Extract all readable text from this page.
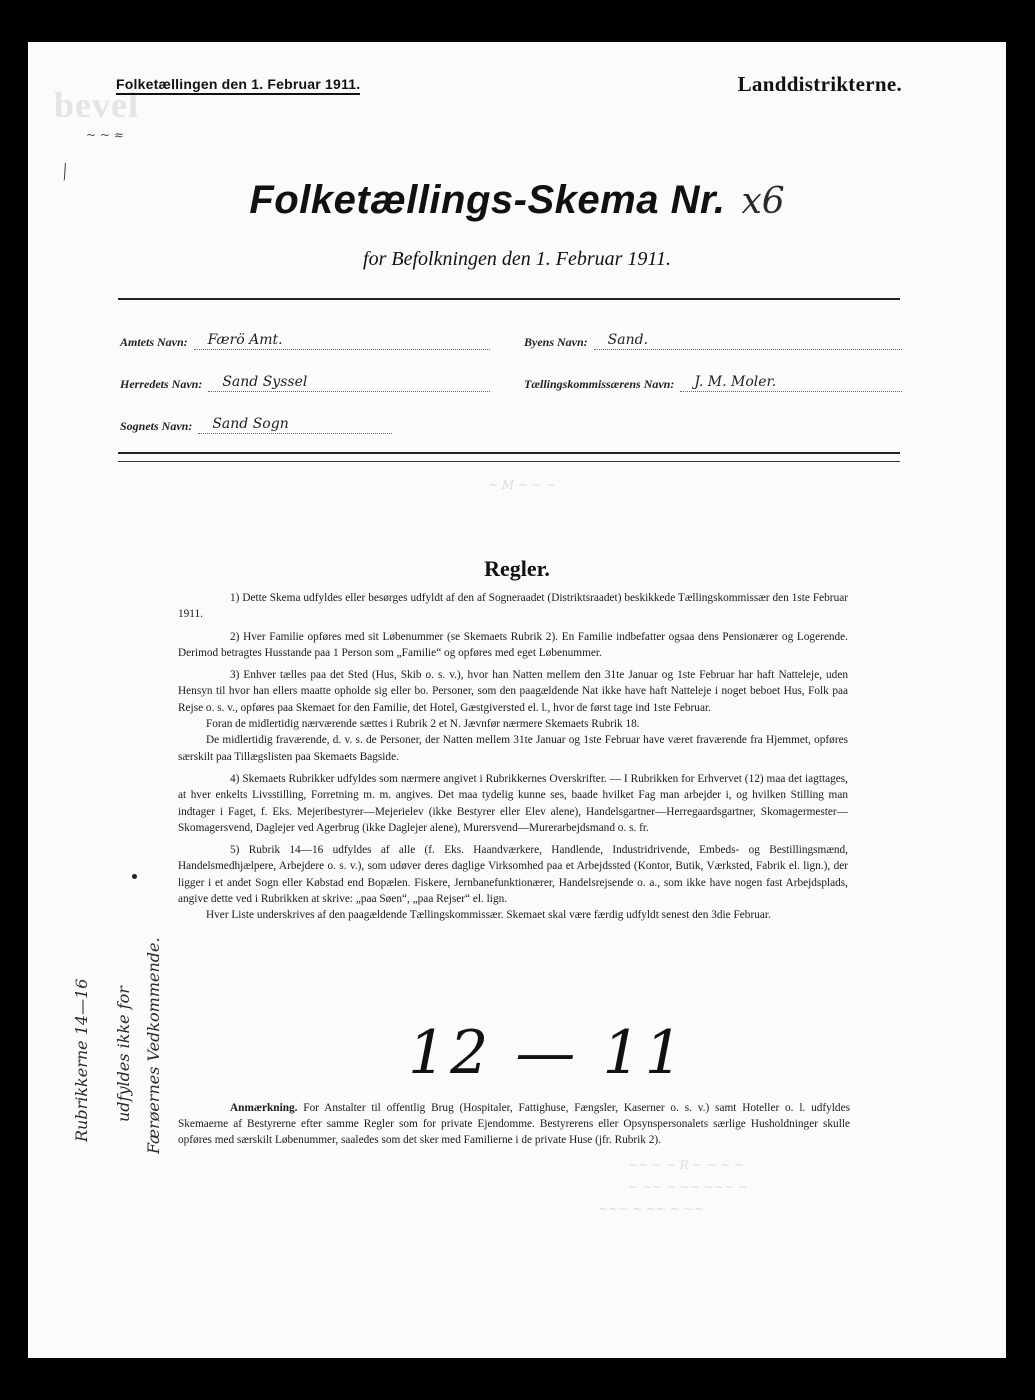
bevel
~ ~ ≈
⁄
Folketællingen den 1. Februar 1911.	Landdistrikterne.
Folketællings-Skema Nr. x6
for Befolkningen den 1. Februar 1911.
Amtets Navn:	Færö Amt.	Byens Navn:	Sand.
Herredets Navn:	Sand Syssel	Tællingskommissærens Navn:	J. M. Moler.
Sognets Navn:	Sand Sogn
~ M ~ ~ ~
Regler.

1) Dette Skema udfyldes eller besørges udfyldt af den af Sogneraadet (Distriktsraadet) beskikkede Tællingskommissær den 1ste Februar 1911.

2) Hver Familie opføres med sit Løbenummer (se Skemaets Rubrik 2). En Familie indbefatter ogsaa dens Pensionærer og Logerende. Derimod betragtes Husstande paa 1 Person som „Familie“ og opføres med eget Løbenummer.

3) Enhver tælles paa det Sted (Hus, Skib o. s. v.), hvor han Natten mellem den 31te Januar og 1ste Februar har haft Natteleje, uden Hensyn til hvor han ellers maatte opholde sig eller bo. Personer, som den paagældende Nat ikke have haft Natteleje i noget beboet Hus, Folk paa Rejse o. s. v., opføres paa Skemaet for den Familie, det Hotel, Gæstgiversted el. l., hvor de først tage ind 1ste Februar.

Foran de midlertidig nærværende sættes i Rubrik 2 et N. Jævnfør nærmere Skemaets Rubrik 18.

De midlertidig fraværende, d. v. s. de Personer, der Natten mellem 31te Januar og 1ste Februar have været fraværende fra Hjemmet, opføres særskilt paa Tillægslisten paa Skemaets Bagside.

4) Skemaets Rubrikker udfyldes som nærmere angivet i Rubrikkernes Overskrifter. — I Rubrikken for Erhvervet (12) maa det iagttages, at hver enkelts Livsstilling, Forretning m. m. angives. Det maa tydelig kunne ses, baade hvilket Fag man arbejder i, og hvilken Stilling man indtager i Faget, f. Eks. Mejeribestyrer—Mejerielev (ikke Bestyrer eller Elev alene), Handelsgartner—Herregaardsgartner, Skomagermester—Skomagersvend, Daglejer ved Agerbrug (ikke Daglejer alene), Murersvend—Murerarbejdsmand o. s. fr.

5) Rubrik 14—16 udfyldes af alle (f. Eks. Haandværkere, Handlende, Industridrivende, Embeds- og Bestillingsmænd, Handelsmedhjælpere, Arbejdere o. s. v.), som udøver deres daglige Virksomhed paa et Arbejdssted (Kontor, Butik, Værksted, Fabrik el. lign.), der ligger i et andet Sogn eller Købstad end Bopælen. Fiskere, Jernbanefunktionærer, Handelsrejsende o. a., som ikke have nogen fast Arbejdsplads, angive dette ved i Rubrikken at skrive: „paa Søen“, „paa Rejser“ el. lign.

Hver Liste underskrives af den paagældende Tællingskommissær. Skemaet skal være færdig udfyldt senest den 3die Februar.

12 — 11

Anmærkning. For Anstalter til offentlig Brug (Hospitaler, Fattighuse, Fængsler, Kaserner o. s. v.) samt Hoteller o. l. udfyldes Skemaerne af Bestyrerne efter samme Regler som for private Ejendomme. Bestyrerens eller Opsynspersonalets særlige Husholdninger skulle opføres med særskilt Løbenummer, saaledes som det sker med Familierne i de private Huse (jfr. Rubrik 2).

~~ ~ ~ R ~ ~ ~ ~
~ ~~ ~ ~~ ~~~ ~
~~~ ~ ~~ ~ ~~
Rubrikkerne 14—16 udfyldes ikke for Færøernes Vedkommende.
